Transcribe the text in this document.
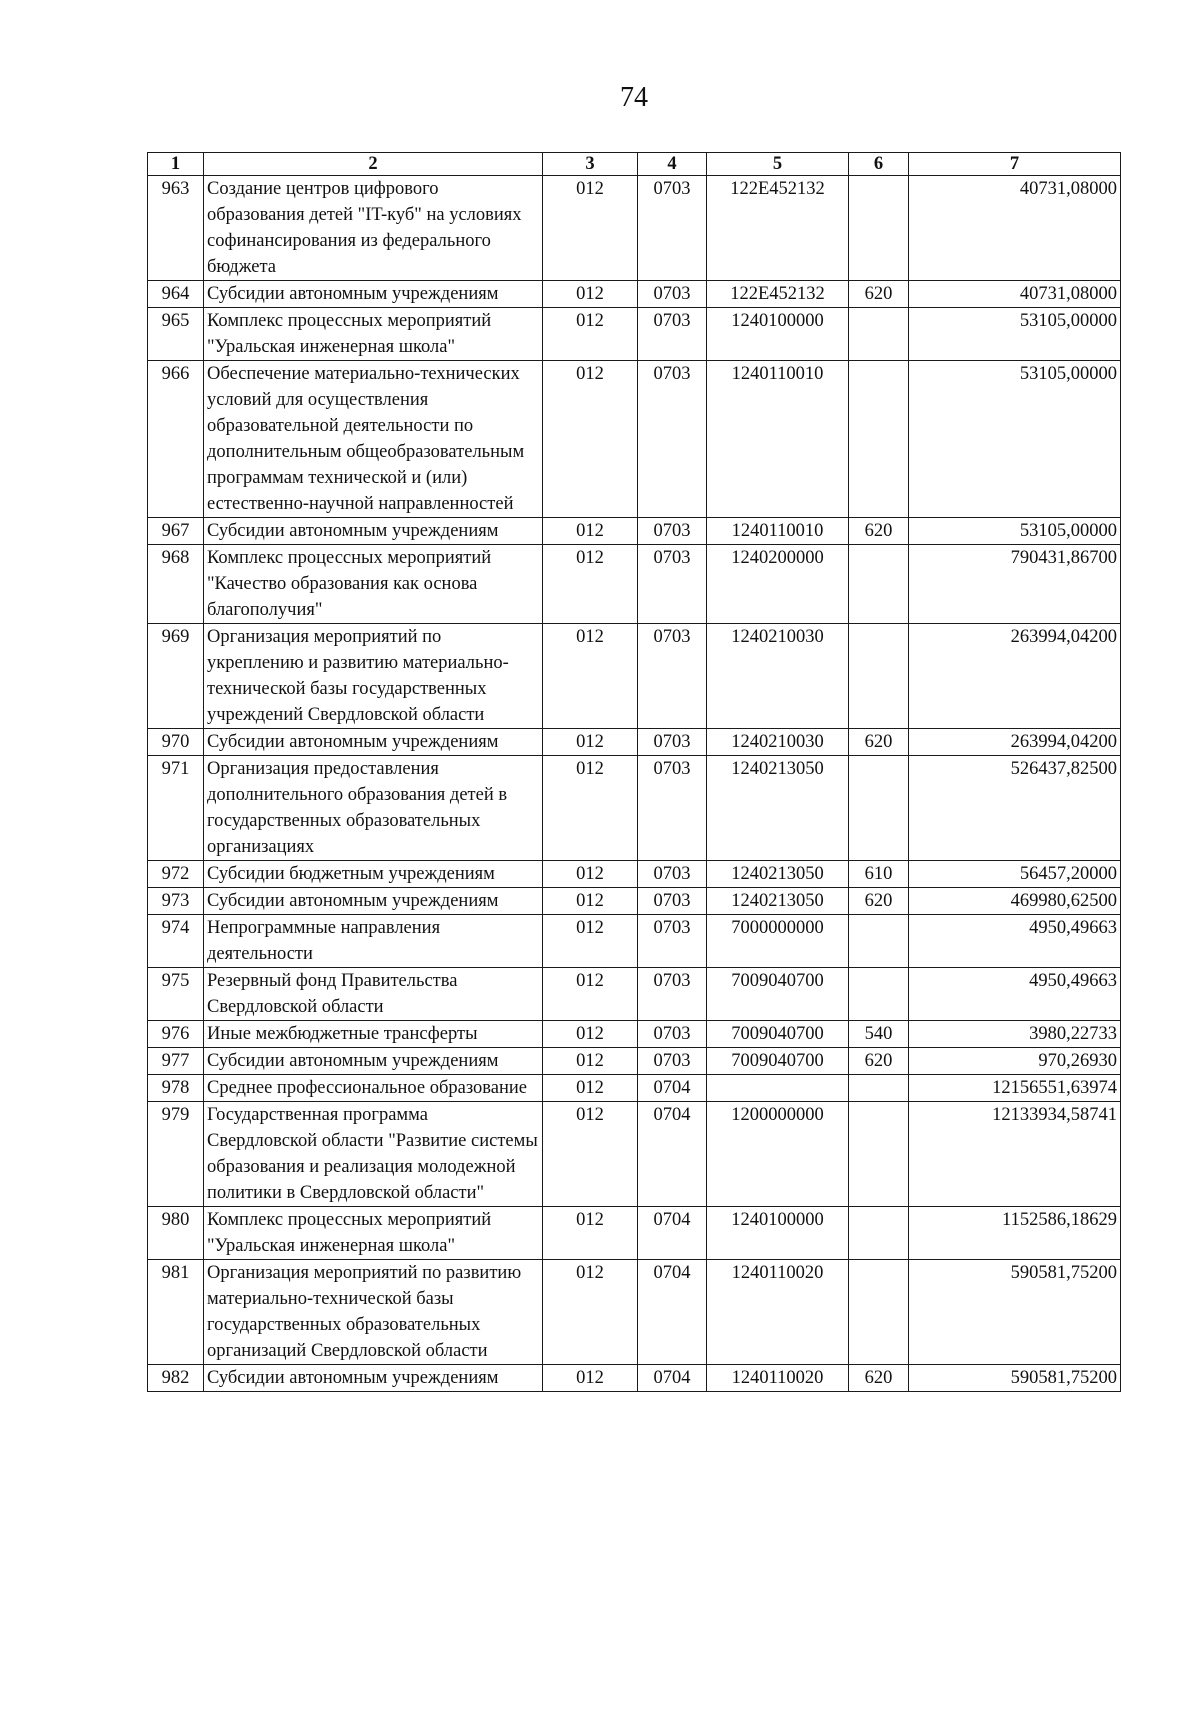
74
1	2	3	4	5	6	7
963	Создание центров цифрового образования детей "IT-куб" на условиях софинансирования из федерального бюджета	012	0703	122E452132		40731,08000
964	Субсидии автономным учреждениям	012	0703	122E452132	620	40731,08000
965	Комплекс процессных мероприятий "Уральская инженерная школа"	012	0703	1240100000		53105,00000
966	Обеспечение материально-технических условий для осуществления образовательной деятельности по дополнительным общеобразовательным программам технической и (или) естественно-научной направленностей	012	0703	1240110010		53105,00000
967	Субсидии автономным учреждениям	012	0703	1240110010	620	53105,00000
968	Комплекс процессных мероприятий "Качество образования как основа благополучия"	012	0703	1240200000		790431,86700
969	Организация мероприятий по укреплению и развитию материально-технической базы государственных учреждений Свердловской области	012	0703	1240210030		263994,04200
970	Субсидии автономным учреждениям	012	0703	1240210030	620	263994,04200
971	Организация предоставления дополнительного образования детей в государственных образовательных организациях	012	0703	1240213050		526437,82500
972	Субсидии бюджетным учреждениям	012	0703	1240213050	610	56457,20000
973	Субсидии автономным учреждениям	012	0703	1240213050	620	469980,62500
974	Непрограммные направления деятельности	012	0703	7000000000		4950,49663
975	Резервный фонд Правительства Свердловской области	012	0703	7009040700		4950,49663
976	Иные межбюджетные трансферты	012	0703	7009040700	540	3980,22733
977	Субсидии автономным учреждениям	012	0703	7009040700	620	970,26930
978	Среднее профессиональное образование	012	0704			12156551,63974
979	Государственная программа Свердловской области "Развитие системы образования и реализация молодежной политики в Свердловской области"	012	0704	1200000000		12133934,58741
980	Комплекс процессных мероприятий "Уральская инженерная школа"	012	0704	1240100000		1152586,18629
981	Организация мероприятий по развитию материально-технической базы государственных образовательных организаций Свердловской области	012	0704	1240110020		590581,75200
982	Субсидии автономным учреждениям	012	0704	1240110020	620	590581,75200
